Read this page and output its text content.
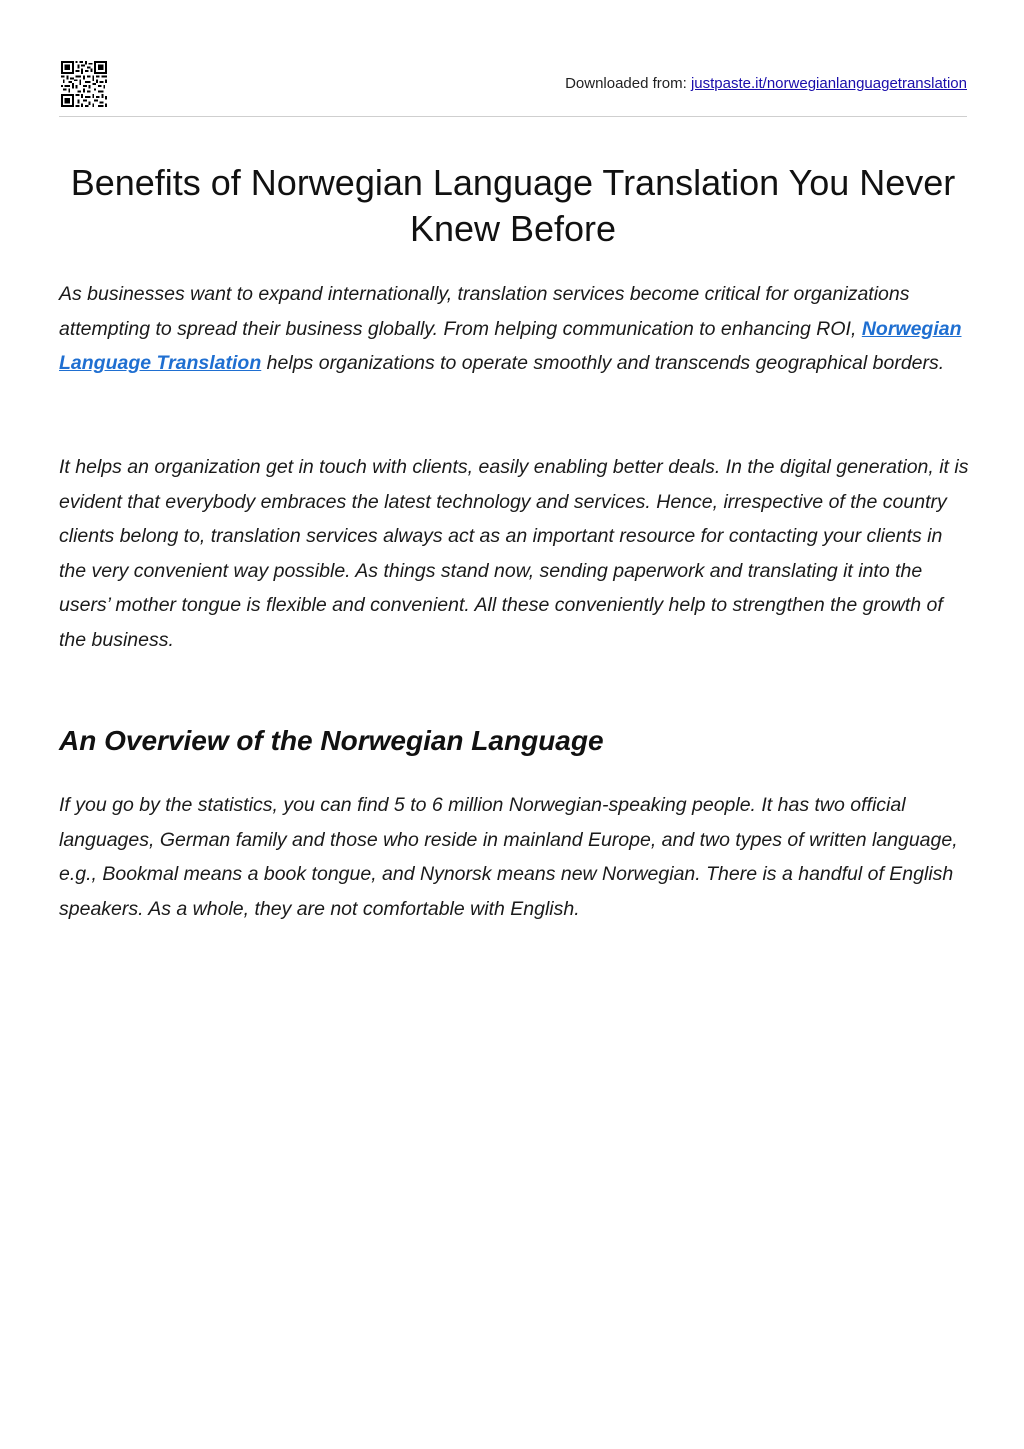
Downloaded from: justpaste.it/norwegianlanguagetranslation
Benefits of Norwegian Language Translation You Never Knew Before

As businesses want to expand internationally, translation services become critical for organizations attempting to spread their business globally. From helping communication to enhancing ROI, Norwegian Language Translation helps organizations to operate smoothly and transcends geographical borders.

It helps an organization get in touch with clients, easily enabling better deals. In the digital generation, it is evident that everybody embraces the latest technology and services. Hence, irrespective of the country clients belong to, translation services always act as an important resource for contacting your clients in the very convenient way possible. As things stand now, sending paperwork and translating it into the users’ mother tongue is flexible and convenient. All these conveniently help to strengthen the growth of the business.

An Overview of the Norwegian Language

If you go by the statistics, you can find 5 to 6 million Norwegian-speaking people. It has two official languages, German family and those who reside in mainland Europe, and two types of written language, e.g., Bookmal means a book tongue, and Nynorsk means new Norwegian. There is a handful of English speakers. As a whole, they are not comfortable with English.
